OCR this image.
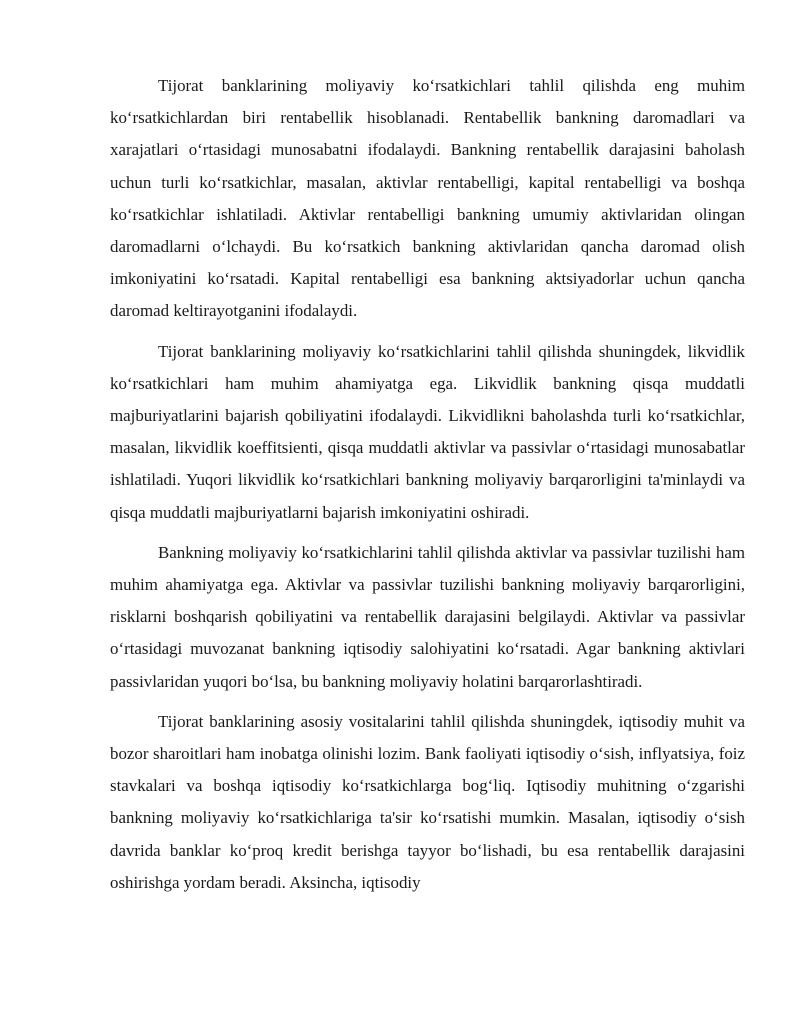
Tijorat banklarining moliyaviy ko‘rsatkichlari tahlil qilishda eng muhim ko‘rsatkichlardan biri rentabellik hisoblanadi. Rentabellik bankning daromadlari va xarajatlari o‘rtasidagi munosabatni ifodalaydi. Bankning rentabellik darajasini baholash uchun turli ko‘rsatkichlar, masalan, aktivlar rentabelligi, kapital rentabelligi va boshqa ko‘rsatkichlar ishlatiladi. Aktivlar rentabelligi bankning umumiy aktivlaridan olingan daromadlarni o‘lchaydi. Bu ko‘rsatkich bankning aktivlaridan qancha daromad olish imkoniyatini ko‘rsatadi. Kapital rentabelligi esa bankning aktsiyadorlar uchun qancha daromad keltirayotganini ifodalaydi.

Tijorat banklarining moliyaviy ko‘rsatkichlarini tahlil qilishda shuningdek, likvidlik ko‘rsatkichlari ham muhim ahamiyatga ega. Likvidlik bankning qisqa muddatli majburiyatlarini bajarish qobiliyatini ifodalaydi. Likvidlikni baholashda turli ko‘rsatkichlar, masalan, likvidlik koeffitsienti, qisqa muddatli aktivlar va passivlar o‘rtasidagi munosabatlar ishlatiladi. Yuqori likvidlik ko‘rsatkichlari bankning moliyaviy barqarorligini ta'minlaydi va qisqa muddatli majburiyatlarni bajarish imkoniyatini oshiradi.

Bankning moliyaviy ko‘rsatkichlarini tahlil qilishda aktivlar va passivlar tuzilishi ham muhim ahamiyatga ega. Aktivlar va passivlar tuzilishi bankning moliyaviy barqarorligini, risklarni boshqarish qobiliyatini va rentabellik darajasini belgilaydi. Aktivlar va passivlar o‘rtasidagi muvozanat bankning iqtisodiy salohiyatini ko‘rsatadi. Agar bankning aktivlari passivlaridan yuqori bo‘lsa, bu bankning moliyaviy holatini barqarorlashtiradi.

Tijorat banklarining asosiy vositalarini tahlil qilishda shuningdek, iqtisodiy muhit va bozor sharoitlari ham inobatga olinishi lozim. Bank faoliyati iqtisodiy o‘sish, inflyatsiya, foiz stavkalari va boshqa iqtisodiy ko‘rsatkichlarga bog‘liq. Iqtisodiy muhitning o‘zgarishi bankning moliyaviy ko‘rsatkichlariga ta'sir ko‘rsatishi mumkin. Masalan, iqtisodiy o‘sish davrida banklar ko‘proq kredit berishga tayyor bo‘lishadi, bu esa rentabellik darajasini oshirishga yordam beradi. Aksincha, iqtisodiy
